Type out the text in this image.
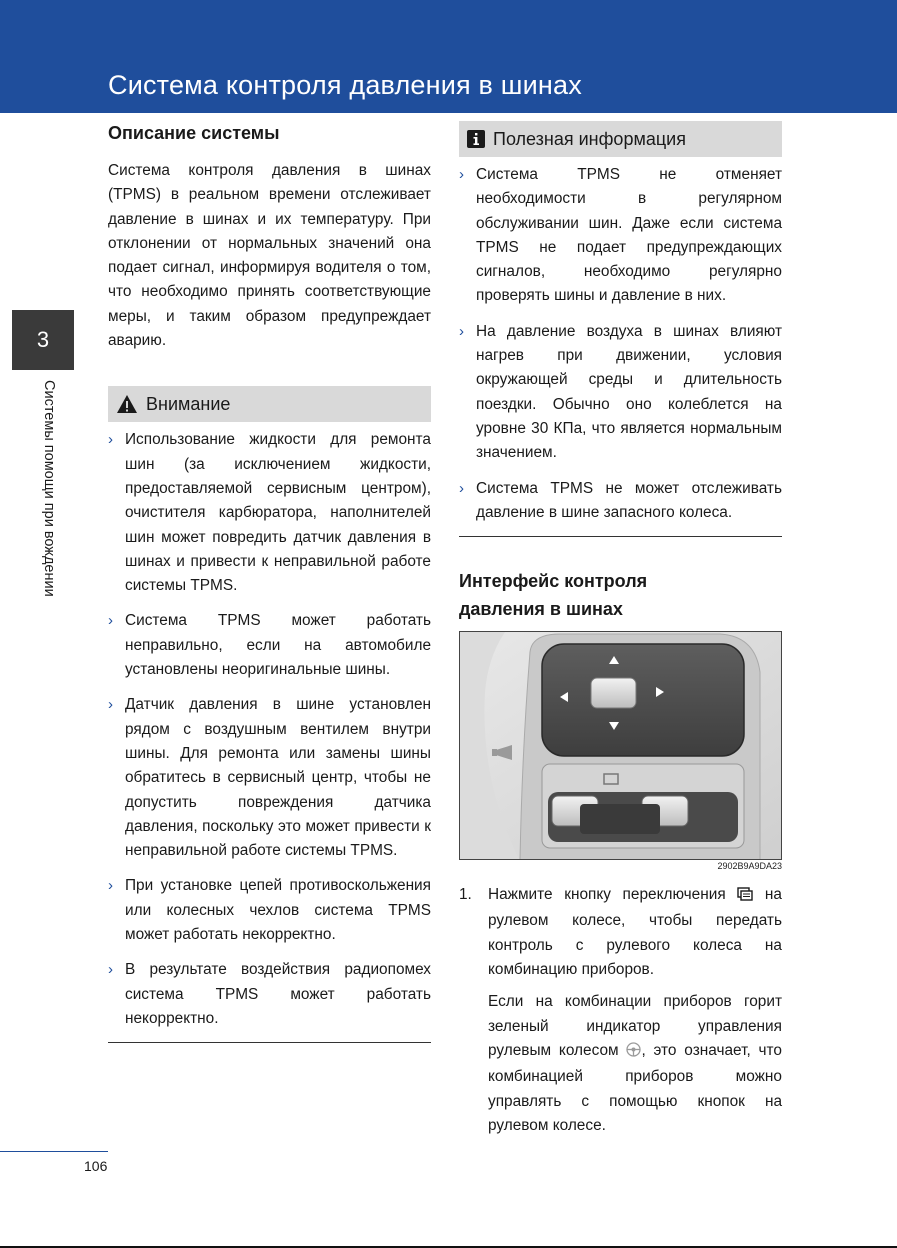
Система контроля давления в шинах
3
Системы помощи при вождении
Описание системы

Система контроля давления в шинах (TPMS) в реальном времени отслеживает давление в шинах и их температуру. При отклонении от нормальных значений она подает сигнал, информируя водителя о том, что необходимо принять соответствующие меры, и таким образом предупреждает аварию.

Внимание
› Использование жидкости для ремонта шин (за исключением жидкости, предоставляемой сервисным центром), очистителя карбюратора, наполнителей шин может повредить датчик давления в шинах и привести к неправильной работе системы TPMS.
› Система TPMS может работать неправильно, если на автомобиле установлены неоригинальные шины.
› Датчик давления в шине установлен рядом с воздушным вентилем внутри шины. Для ремонта или замены шины обратитесь в сервисный центр, чтобы не допустить повреждения датчика давления, поскольку это может привести к неправильной работе системы TPMS.
› При установке цепей противоскольжения или колесных чехлов система TPMS может работать некорректно.
› В результате воздействия радиопомех система TPMS может работать некорректно.
Полезная информация
› Система TPMS не отменяет необходимости в регулярном обслуживании шин. Даже если система TPMS не подает предупреждающих сигналов, необходимо регулярно проверять шины и давление в них.
› На давление воздуха в шинах влияют нагрев при движении, условия окружающей среды и длительность поездки. Обычно оно колеблется на уровне 30 КПа, что является нормальным значением.
› Система TPMS не может отслеживать давление в шине запасного колеса.
Интерфейс контроля
давления в шинах
2902B9A9DA23
1. Нажмите кнопку переключения	на рулевом колесе, чтобы передать контроль с рулевого колеса на комбинацию приборов.

Если на комбинации приборов горит зеленый индикатор управления рулевым колесом , это означает, что комбинацией приборов можно управлять с помощью кнопок на рулевом колесе.

106
